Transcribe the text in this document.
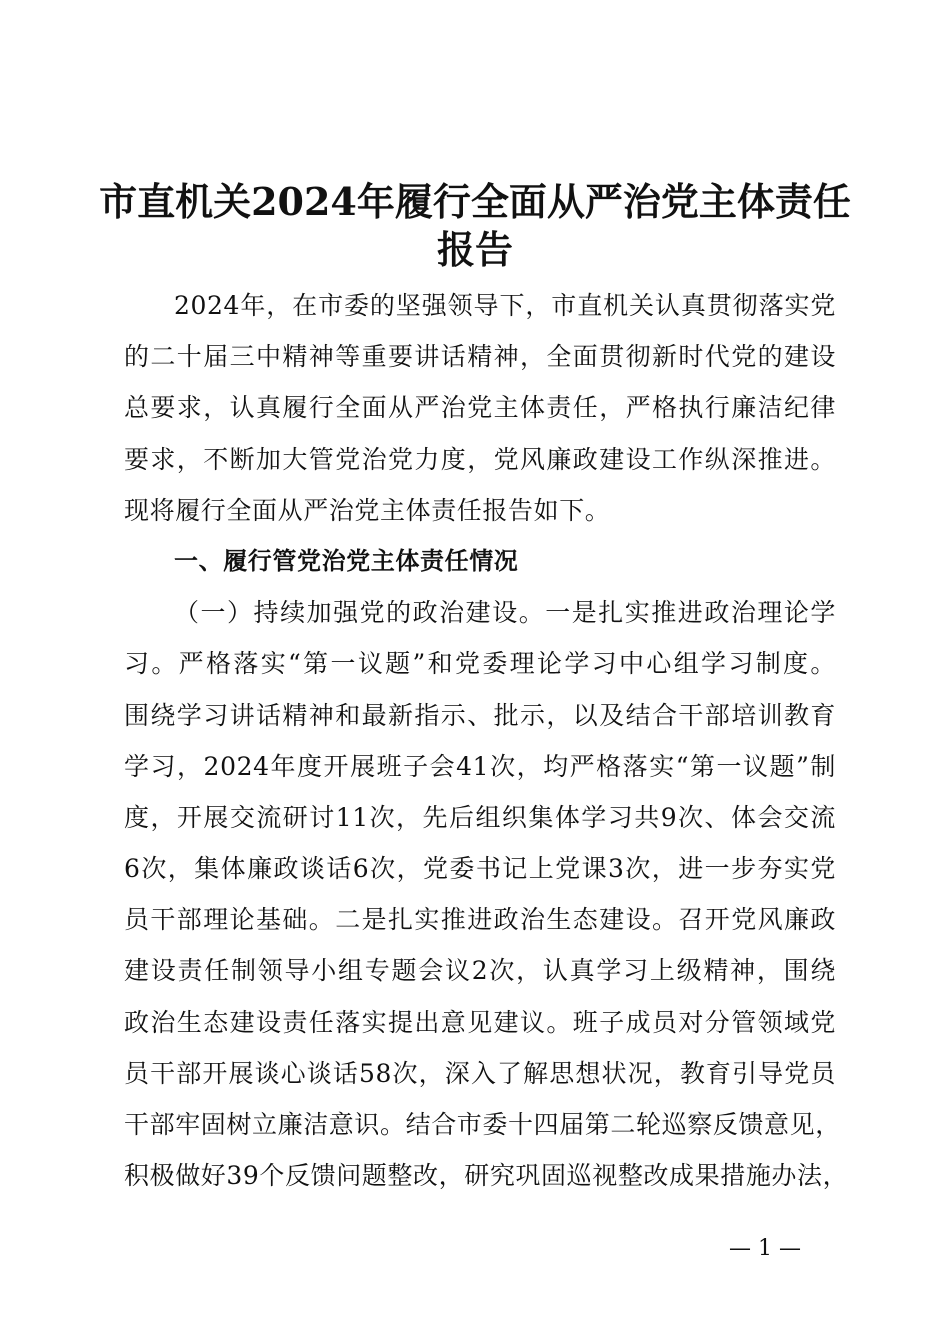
市直机关2024年履行全面从严治党主体责任
报告
2024年，在市委的坚强领导下，市直机关认真贯彻落实党
的二十届三中精神等重要讲话精神，全面贯彻新时代党的建设
总要求，认真履行全面从严治党主体责任，严格执行廉洁纪律
要求，不断加大管党治党力度，党风廉政建设工作纵深推进。
现将履行全面从严治党主体责任报告如下。
一、履行管党治党主体责任情况
（一）持续加强党的政治建设。一是扎实推进政治理论学
习。严格落实“第一议题”和党委理论学习中心组学习制度。
围绕学习讲话精神和最新指示、批示，以及结合干部培训教育
学习，2024年度开展班子会41次，均严格落实“第一议题”制
度，开展交流研讨11次，先后组织集体学习共9次、体会交流
6次，集体廉政谈话6次，党委书记上党课3次，进一步夯实党
员干部理论基础。二是扎实推进政治生态建设。召开党风廉政
建设责任制领导小组专题会议2次，认真学习上级精神，围绕
政治生态建设责任落实提出意见建议。班子成员对分管领域党
员干部开展谈心谈话58次，深入了解思想状况，教育引导党员
干部牢固树立廉洁意识。结合市委十四届第二轮巡察反馈意见，
积极做好39个反馈问题整改，研究巩固巡视整改成果措施办法，
— 1 —
